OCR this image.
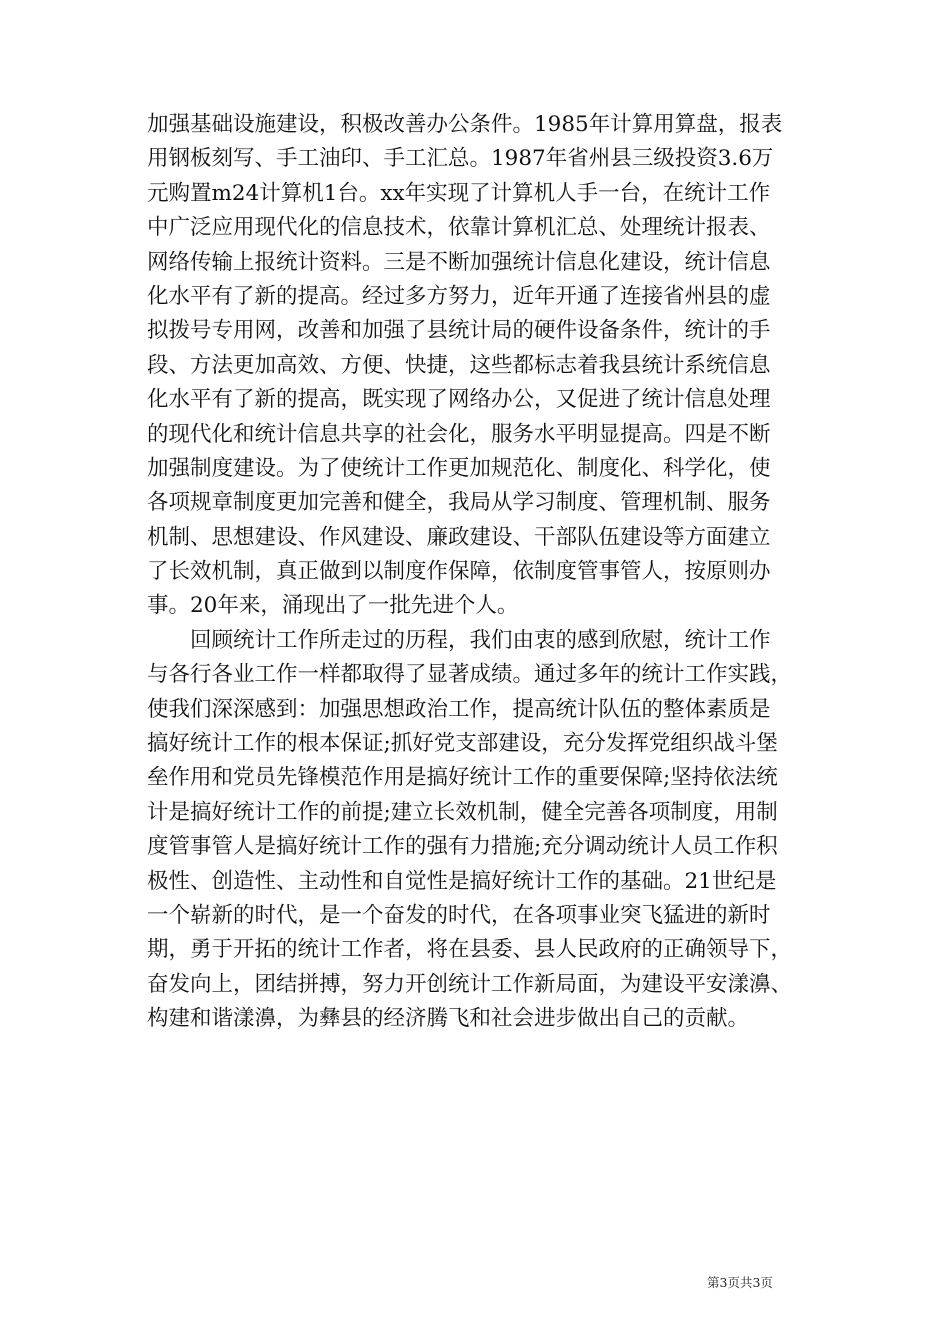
加强基础设施建设，积极改善办公条件。1985年计算用算盘，报表
用钢板刻写、手工油印、手工汇总。1987年省州县三级投资3.6万
元购置m24计算机1台。xx年实现了计算机人手一台，在统计工作
中广泛应用现代化的信息技术，依靠计算机汇总、处理统计报表、
网络传输上报统计资料。三是不断加强统计信息化建设，统计信息
化水平有了新的提高。经过多方努力，近年开通了连接省州县的虚
拟拨号专用网，改善和加强了县统计局的硬件设备条件，统计的手
段、方法更加高效、方便、快捷，这些都标志着我县统计系统信息
化水平有了新的提高，既实现了网络办公，又促进了统计信息处理
的现代化和统计信息共享的社会化，服务水平明显提高。四是不断
加强制度建设。为了使统计工作更加规范化、制度化、科学化，使
各项规章制度更加完善和健全，我局从学习制度、管理机制、服务
机制、思想建设、作风建设、廉政建设、干部队伍建设等方面建立
了长效机制，真正做到以制度作保障，依制度管事管人，按原则办
事。20年来，涌现出了一批先进个人。
回顾统计工作所走过的历程，我们由衷的感到欣慰，统计工作
与各行各业工作一样都取得了显著成绩。通过多年的统计工作实践，
使我们深深感到：加强思想政治工作，提高统计队伍的整体素质是
搞好统计工作的根本保证;抓好党支部建设，充分发挥党组织战斗堡
垒作用和党员先锋模范作用是搞好统计工作的重要保障;坚持依法统
计是搞好统计工作的前提;建立长效机制，健全完善各项制度，用制
度管事管人是搞好统计工作的强有力措施;充分调动统计人员工作积
极性、创造性、主动性和自觉性是搞好统计工作的基础。21世纪是
一个崭新的时代，是一个奋发的时代，在各项事业突飞猛进的新时
期，勇于开拓的统计工作者，将在县委、县人民政府的正确领导下，
奋发向上，团结拼搏，努力开创统计工作新局面，为建设平安漾濞、
构建和谐漾濞，为彝县的经济腾飞和社会进步做出自己的贡献。
第3页共3页
